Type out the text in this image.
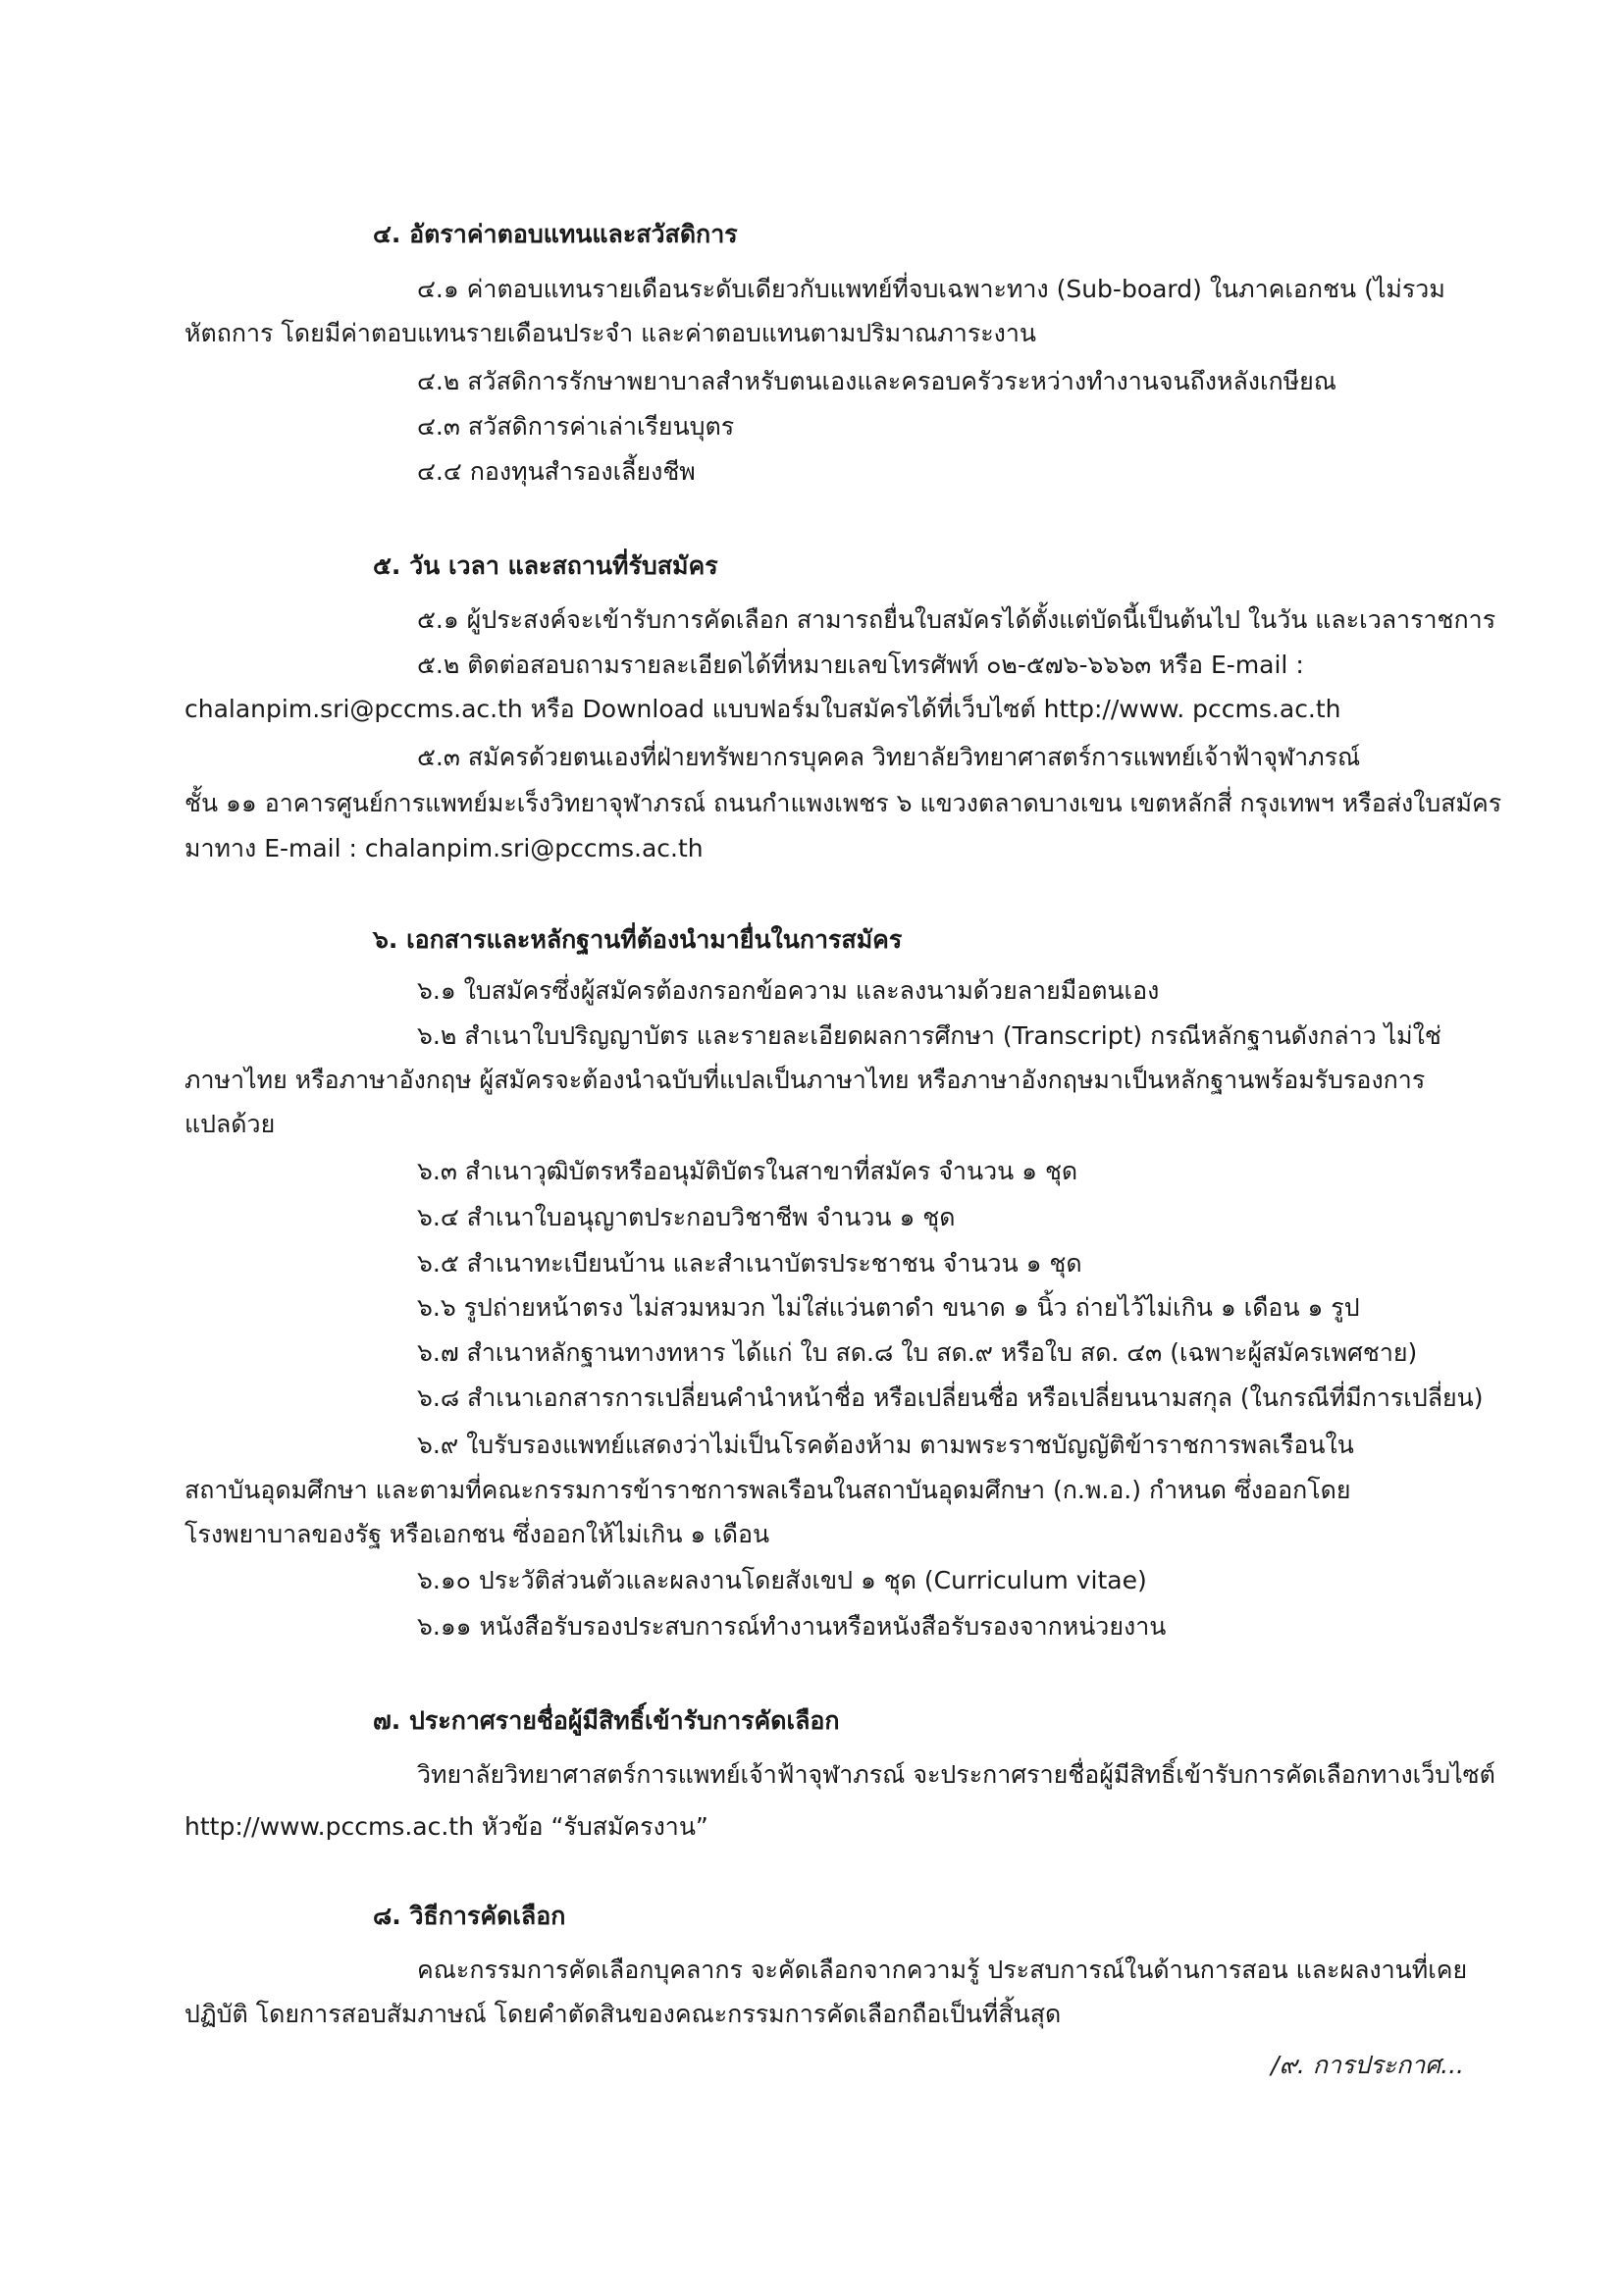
๔. อัตราค่าตอบแทนและสวัสดิการ

๔.๑ ค่าตอบแทนรายเดือนระดับเดียวกับแพทย์ที่จบเฉพาะทาง (Sub-board) ในภาคเอกชน (ไม่รวม

หัตถการ โดยมีค่าตอบแทนรายเดือนประจำ และค่าตอบแทนตามปริมาณภาระงาน

๔.๒ สวัสดิการรักษาพยาบาลสำหรับตนเองและครอบครัวระหว่างทำงานจนถึงหลังเกษียณ

๔.๓ สวัสดิการค่าเล่าเรียนบุตร

๔.๔ กองทุนสำรองเลี้ยงชีพ

๕. วัน เวลา และสถานที่รับสมัคร

๕.๑ ผู้ประสงค์จะเข้ารับการคัดเลือก สามารถยื่นใบสมัครได้ตั้งแต่บัดนี้เป็นต้นไป ในวัน และเวลาราชการ

๕.๒ ติดต่อสอบถามรายละเอียดได้ที่หมายเลขโทรศัพท์ ๐๒-๕๗๖-๖๖๖๓ หรือ E-mail :

chalanpim.sri@pccms.ac.th หรือ Download แบบฟอร์มใบสมัครได้ที่เว็บไซต์ http://www. pccms.ac.th

๕.๓ สมัครด้วยตนเองที่ฝ่ายทรัพยากรบุคคล วิทยาลัยวิทยาศาสตร์การแพทย์เจ้าฟ้าจุฬาภรณ์

ชั้น ๑๑ อาคารศูนย์การแพทย์มะเร็งวิทยาจุฬาภรณ์ ถนนกำแพงเพชร ๖ แขวงตลาดบางเขน เขตหลักสี่ กรุงเทพฯ หรือส่งใบสมัคร

มาทาง E-mail : chalanpim.sri@pccms.ac.th

๖. เอกสารและหลักฐานที่ต้องนำมายื่นในการสมัคร

๖.๑ ใบสมัครซึ่งผู้สมัครต้องกรอกข้อความ และลงนามด้วยลายมือตนเอง

๖.๒ สำเนาใบปริญญาบัตร และรายละเอียดผลการศึกษา (Transcript) กรณีหลักฐานดังกล่าว ไม่ใช่

ภาษาไทย หรือภาษาอังกฤษ ผู้สมัครจะต้องนำฉบับที่แปลเป็นภาษาไทย หรือภาษาอังกฤษมาเป็นหลักฐานพร้อมรับรองการ

แปลด้วย

๖.๓ สำเนาวุฒิบัตรหรืออนุมัติบัตรในสาขาที่สมัคร จำนวน ๑ ชุด

๖.๔ สำเนาใบอนุญาตประกอบวิชาชีพ จำนวน ๑ ชุด

๖.๕ สำเนาทะเบียนบ้าน และสำเนาบัตรประชาชน จำนวน ๑ ชุด

๖.๖ รูปถ่ายหน้าตรง ไม่สวมหมวก ไม่ใส่แว่นตาดำ ขนาด ๑ นิ้ว ถ่ายไว้ไม่เกิน ๑ เดือน ๑ รูป

๖.๗ สำเนาหลักฐานทางทหาร ได้แก่ ใบ สด.๘ ใบ สด.๙ หรือใบ สด. ๔๓ (เฉพาะผู้สมัครเพศชาย)

๖.๘ สำเนาเอกสารการเปลี่ยนคำนำหน้าชื่อ หรือเปลี่ยนชื่อ หรือเปลี่ยนนามสกุล (ในกรณีที่มีการเปลี่ยน)

๖.๙ ใบรับรองแพทย์แสดงว่าไม่เป็นโรคต้องห้าม ตามพระราชบัญญัติข้าราชการพลเรือนใน

สถาบันอุดมศึกษา และตามที่คณะกรรมการข้าราชการพลเรือนในสถาบันอุดมศึกษา (ก.พ.อ.) กำหนด ซึ่งออกโดย

โรงพยาบาลของรัฐ หรือเอกชน ซึ่งออกให้ไม่เกิน ๑ เดือน

๖.๑๐ ประวัติส่วนตัวและผลงานโดยสังเขป ๑ ชุด (Curriculum vitae)

๖.๑๑ หนังสือรับรองประสบการณ์ทำงานหรือหนังสือรับรองจากหน่วยงาน

๗. ประกาศรายชื่อผู้มีสิทธิ์เข้ารับการคัดเลือก

วิทยาลัยวิทยาศาสตร์การแพทย์เจ้าฟ้าจุฬาภรณ์ จะประกาศรายชื่อผู้มีสิทธิ์เข้ารับการคัดเลือกทางเว็บไซต์

http://www.pccms.ac.th หัวข้อ “รับสมัครงาน”

๘. วิธีการคัดเลือก

คณะกรรมการคัดเลือกบุคลากร จะคัดเลือกจากความรู้ ประสบการณ์ในด้านการสอน และผลงานที่เคย

ปฏิบัติ โดยการสอบสัมภาษณ์ โดยคำตัดสินของคณะกรรมการคัดเลือกถือเป็นที่สิ้นสุด

/๙. การประกาศ...
